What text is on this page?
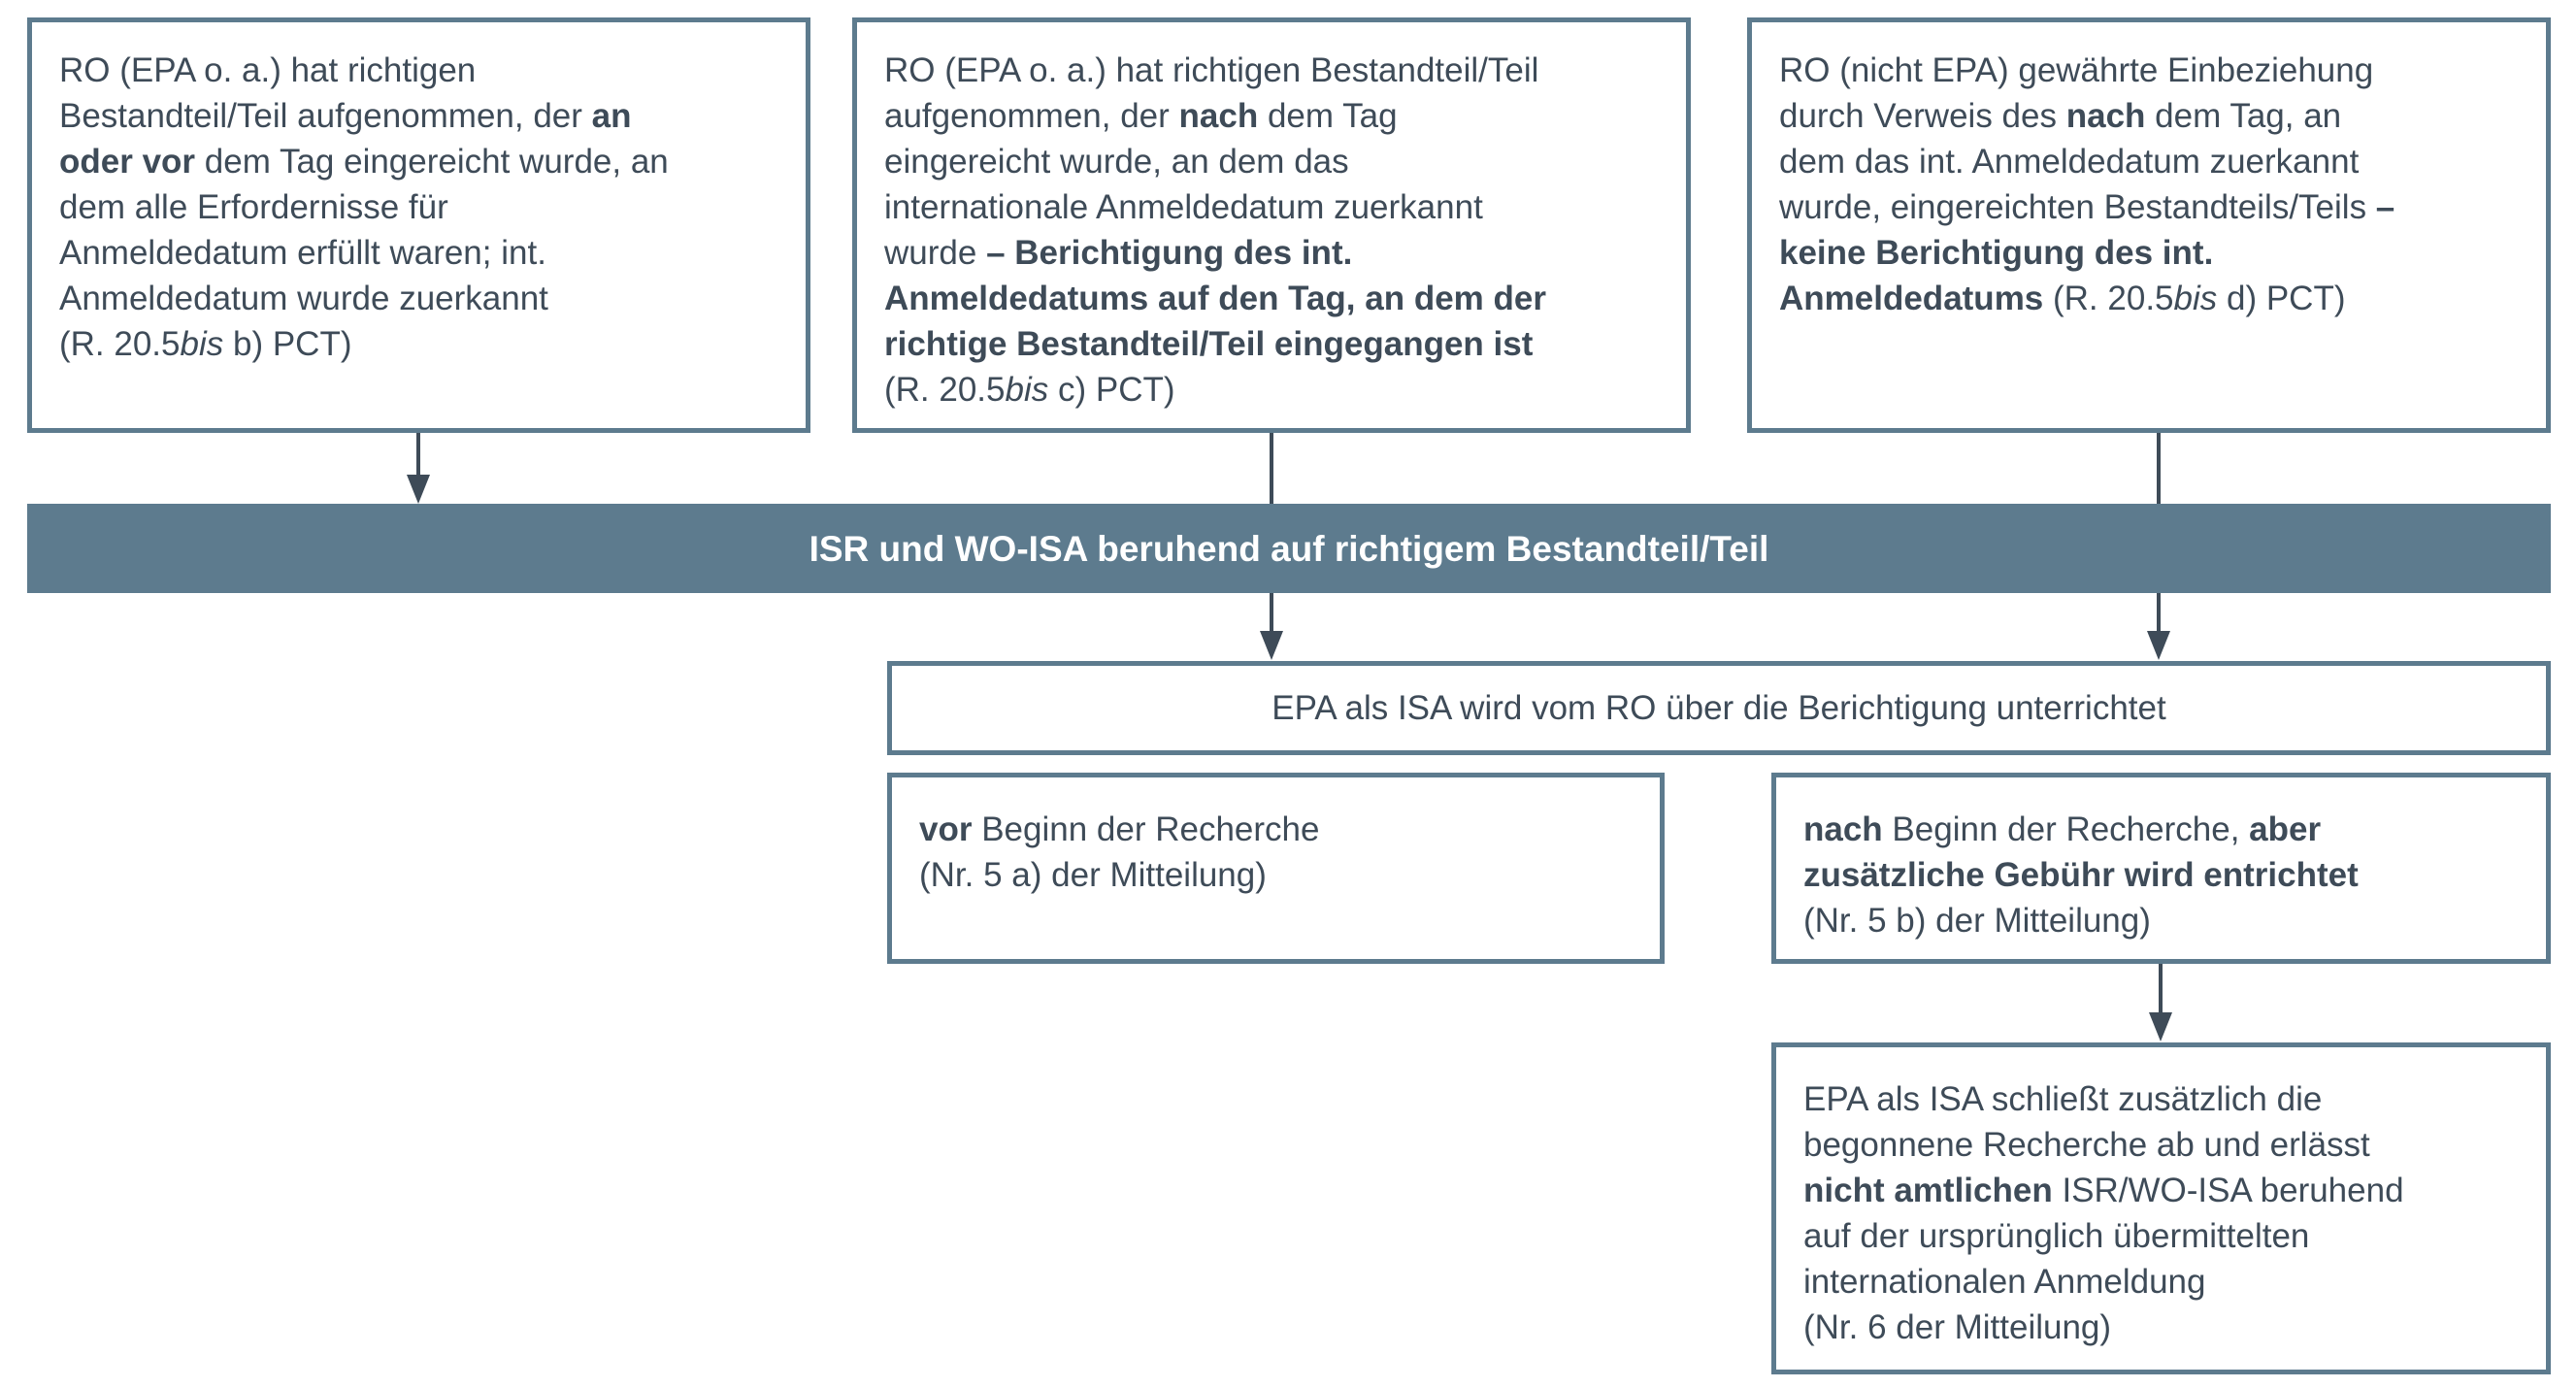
RO (EPA o. a.) hat richtigen
Bestandteil/Teil aufgenommen, der an
oder vor dem Tag eingereicht wurde, an
dem alle Erfordernisse für
Anmeldedatum erfüllt waren; int.
Anmeldedatum wurde zuerkannt
(R. 20.5bis b) PCT)
RO (EPA o. a.) hat richtigen Bestandteil/Teil
aufgenommen, der nach dem Tag
eingereicht wurde, an dem das
internationale Anmeldedatum zuerkannt
wurde – Berichtigung des int.
Anmeldedatums auf den Tag, an dem der
richtige Bestandteil/Teil eingegangen ist
(R. 20.5bis c) PCT)
RO (nicht EPA) gewährte Einbeziehung
durch Verweis des nach dem Tag, an
dem das int. Anmeldedatum zuerkannt
wurde, eingereichten Bestandteils/Teils –
keine Berichtigung des int.
Anmeldedatums (R. 20.5bis d) PCT)
ISR und WO-ISA beruhend auf richtigem Bestandteil/Teil
EPA als ISA wird vom RO über die Berichtigung unterrichtet
vor Beginn der Recherche
(Nr. 5 a) der Mitteilung)
nach Beginn der Recherche, aber
zusätzliche Gebühr wird entrichtet
(Nr. 5 b) der Mitteilung)
EPA als ISA schließt zusätzlich die
begonnene Recherche ab und erlässt
nicht amtlichen ISR/WO-ISA beruhend
auf der ursprünglich übermittelten
internationalen Anmeldung
(Nr. 6 der Mitteilung)
